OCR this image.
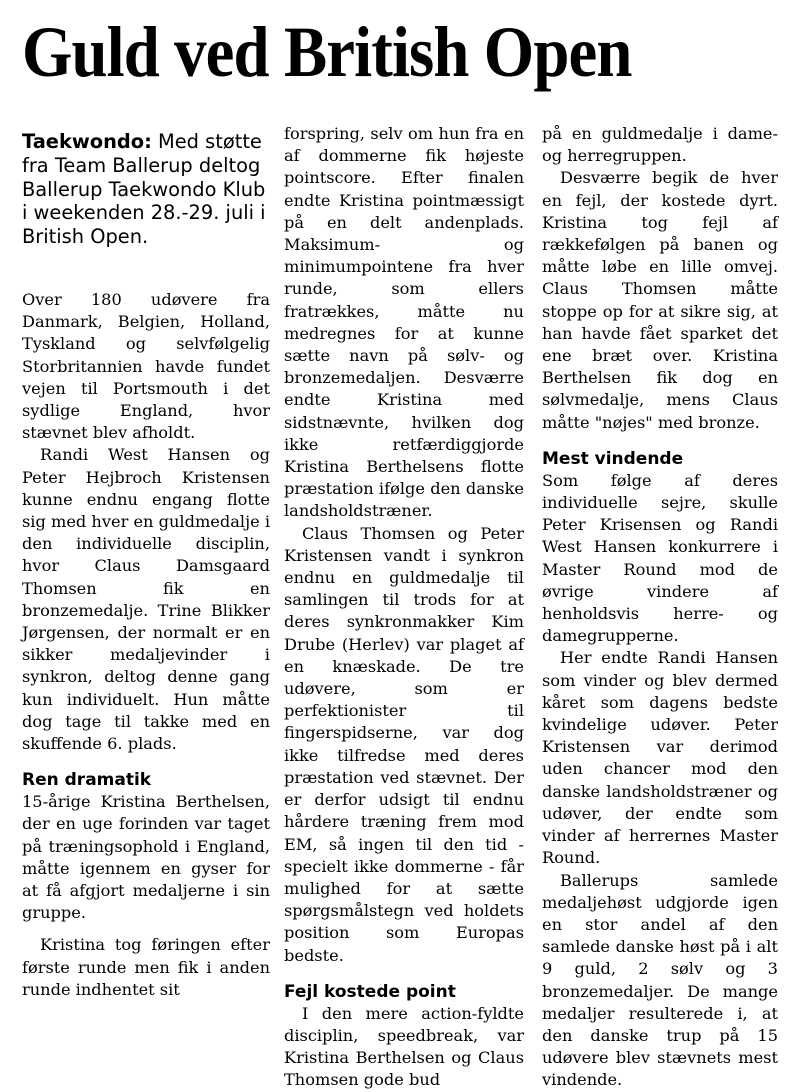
Guld ved British Open

Taekwondo: Med støtte fra Team Ballerup deltog Ballerup Taekwondo Klub i weekenden 28.-29. juli i British Open.

Over 180 udøvere fra Danmark, Belgien, Holland, Tyskland og selvfølgelig Storbritannien havde fundet vejen til Portsmouth i det sydlige England, hvor stævnet blev afholdt.

Randi West Hansen og Peter Hejbroch Kristensen kunne endnu engang flotte sig med hver en guldmedalje i den individuelle disciplin, hvor Claus Damsgaard Thomsen fik en bronzemedalje. Trine Blikker Jørgensen, der normalt er en sikker medaljevinder i synkron, deltog denne gang kun individuelt. Hun måtte dog tage til takke med en skuffende 6. plads.

Ren dramatik

15-årige Kristina Berthelsen, der en uge forinden var taget på træningsophold i England, måtte igennem en gyser for at få afgjort medaljerne i sin gruppe.

Kristina tog føringen efter første runde men fik i anden runde indhentet sit

forspring, selv om hun fra en af dommerne fik højeste pointscore. Efter finalen endte Kristina pointmæssigt på en delt andenplads. Maksimum- og minimumpointene fra hver runde, som ellers fratrækkes, måtte nu medregnes for at kunne sætte navn på sølv- og bronzemedaljen. Desværre endte Kristina med sidstnævnte, hvilken dog ikke retfærdiggjorde Kristina Berthelsens flotte præstation ifølge den danske landsholdstræner.

Claus Thomsen og Peter Kristensen vandt i synkron endnu en guldmedalje til samlingen til trods for at deres synkronmakker Kim Drube (Herlev) var plaget af en knæskade. De tre udøvere, som er perfektionister til fingerspidserne, var dog ikke tilfredse med deres præstation ved stævnet. Der er derfor udsigt til endnu hårdere træning frem mod EM, så ingen til den tid - specielt ikke dommerne - får mulighed for at sætte spørgsmålstegn ved holdets position som Europas bedste.

Fejl kostede point

I den mere action-fyldte disciplin, speedbreak, var Kristina Berthelsen og Claus Thomsen gode bud

på en guldmedalje i dame- og herregruppen.

Desværre begik de hver en fejl, der kostede dyrt. Kristina tog fejl af rækkefølgen på banen og måtte løbe en lille omvej. Claus Thomsen måtte stoppe op for at sikre sig, at han havde fået sparket det ene bræt over. Kristina Berthelsen fik dog en sølvmedalje, mens Claus måtte "nøjes" med bronze.

Mest vindende

Som følge af deres individuelle sejre, skulle Peter Krisensen og Randi West Hansen konkurrere i Master Round mod de øvrige vindere af henholdsvis herre- og damegrupperne.

Her endte Randi Hansen som vinder og blev dermed kåret som dagens bedste kvindelige udøver. Peter Kristensen var derimod uden chancer mod den danske landsholdstræner og udøver, der endte som vinder af herrernes Master Round.

Ballerups samlede medaljehøst udgjorde igen en stor andel af den samlede danske høst på i alt 9 guld, 2 sølv og 3 bronzemedaljer. De mange medaljer resulterede i, at den danske trup på 15 udøvere blev stævnets mest vindende.
